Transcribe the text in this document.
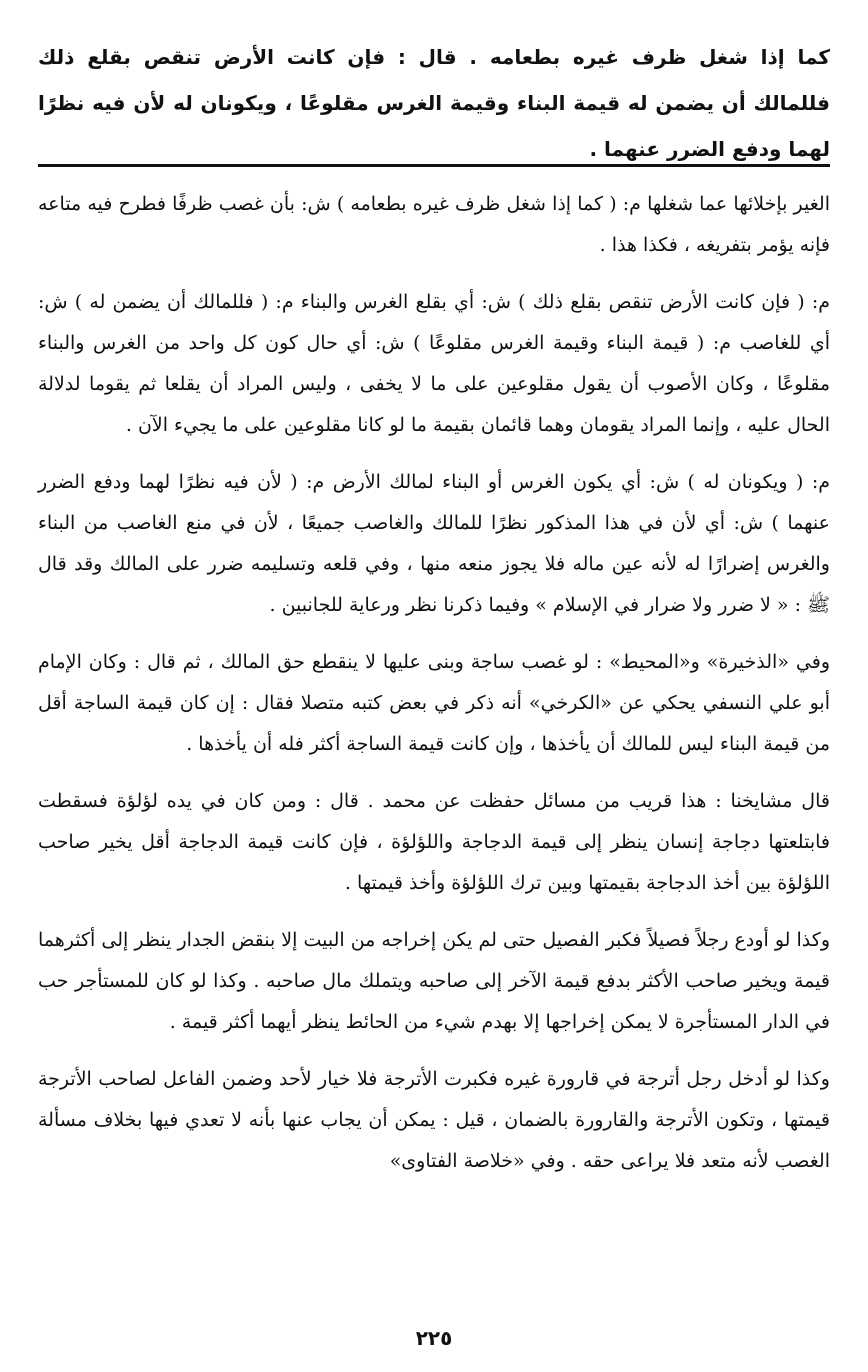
كما إذا شغل ظرف غيره بطعامه . قال : فإن كانت الأرض تنقص بقلع ذلك فللمالك أن يضمن له قيمة البناء وقيمة الغرس مقلوعًا ، ويكونان له لأن فيه نظرًا لهما ودفع الضرر عنهما .

الغير بإخلائها عما شغلها م: ( كما إذا شغل ظرف غيره بطعامه ) ش: بأن غصب ظرفًا فطرح فيه متاعه فإنه يؤمر بتفريغه ، فكذا هذا .

م: ( فإن كانت الأرض تنقص بقلع ذلك ) ش: أي بقلع الغرس والبناء م: ( فللمالك أن يضمن له ) ش: أي للغاصب م: ( قيمة البناء وقيمة الغرس مقلوعًا ) ش: أي حال كون كل واحد من الغرس والبناء مقلوعًا ، وكان الأصوب أن يقول مقلوعين على ما لا يخفى ، وليس المراد أن يقلعا ثم يقوما لدلالة الحال عليه ، وإنما المراد يقومان وهما قائمان بقيمة ما لو كانا مقلوعين على ما يجيء الآن .

م: ( ويكونان له ) ش: أي يكون الغرس أو البناء لمالك الأرض م: ( لأن فيه نظرًا لهما ودفع الضرر عنهما ) ش: أي لأن في هذا المذكور نظرًا للمالك والغاصب جميعًا ، لأن في منع الغاصب من البناء والغرس إضرارًا له لأنه عين ماله فلا يجوز منعه منها ، وفي قلعه وتسليمه ضرر على المالك وقد قال ﷺ : « لا ضرر ولا ضرار في الإسلام » وفيما ذكرنا نظر ورعاية للجانبين .

وفي «الذخيرة» و«المحيط» : لو غصب ساجة وبنى عليها لا ينقطع حق المالك ، ثم قال : وكان الإمام أبو علي النسفي يحكي عن «الكرخي» أنه ذكر في بعض كتبه متصلا فقال : إن كان قيمة الساجة أقل من قيمة البناء ليس للمالك أن يأخذها ، وإن كانت قيمة الساجة أكثر فله أن يأخذها .

قال مشايخنا : هذا قريب من مسائل حفظت عن محمد . قال : ومن كان في يده لؤلؤة فسقطت فابتلعتها دجاجة إنسان ينظر إلى قيمة الدجاجة واللؤلؤة ، فإن كانت قيمة الدجاجة أقل يخير صاحب اللؤلؤة بين أخذ الدجاجة بقيمتها وبين ترك اللؤلؤة وأخذ قيمتها .

وكذا لو أودع رجلاً فصيلاً فكبر الفصيل حتى لم يكن إخراجه من البيت إلا بنقض الجدار ينظر إلى أكثرهما قيمة ويخير صاحب الأكثر بدفع قيمة الآخر إلى صاحبه ويتملك مال صاحبه . وكذا لو كان للمستأجر حب في الدار المستأجرة لا يمكن إخراجها إلا بهدم شيء من الحائط ينظر أيهما أكثر قيمة .

وكذا لو أدخل رجل أترجة في قارورة غيره فكبرت الأترجة فلا خيار لأحد وضمن الفاعل لصاحب الأترجة قيمتها ، وتكون الأترجة والقارورة بالضمان ، قيل : يمكن أن يجاب عنها بأنه لا تعدي فيها بخلاف مسألة الغصب لأنه متعد فلا يراعى حقه . وفي «خلاصة الفتاوى»

٢٢٥
